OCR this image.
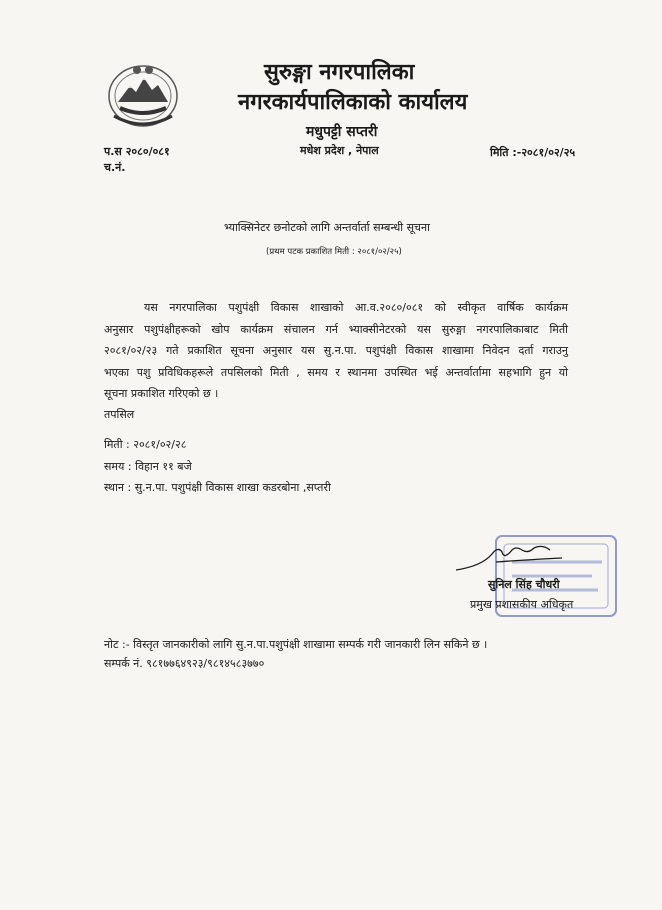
सुरुङ्गा नगरपालिका
नगरकार्यपालिकाको कार्यालय
मधुपट्टी सप्तरी
मधेश प्रदेश , नेपाल
प.स २०८०/०८१
च.नं.
मिति :-२०८१/०२/२५
भ्याक्सिनेटर छनोटको लागि अन्तर्वार्ता सम्बन्धी सूचना
(प्रथम पटक प्रकाशित मिती : २०८१/०२/२५)
यस नगरपालिका पशुपंक्षी विकास शाखाको आ.व.२०८०/०८१ को स्वीकृत वार्षिक कार्यक्रम
अनुसार पशुपंक्षीहरूको खोप कार्यक्रम संचालन गर्न भ्याक्सीनेटरको यस सुरुङ्गा नगरपालिकाबाट मिती
२०८१/०२/२३ गते प्रकाशित सूचना अनुसार यस सु.न.पा. पशुपंक्षी विकास शाखामा निवेदन दर्ता गराउनु
भएका पशु प्रविधिकहरूले तपसिलको मिती , समय र स्थानमा उपस्थित भई अन्तर्वार्तामा सहभागि हुन यो
सूचना प्रकाशित गरिएको छ ।
तपसिल
मिती : २०८१/०२/२८
समय : विहान ११ बजे
स्थान : सु.न.पा. पशुपंक्षी विकास शाखा कडरबोना ,सप्तरी
सुनिल सिंह चौधरी
प्रमुख प्रशासकीय अधिकृत
नोट :- विस्तृत जानकारीको लागि सु.न.पा.पशुपंक्षी शाखामा सम्पर्क गरी जानकारी लिन सकिने छ ।
सम्पर्क नं. ९८१७७६४९२३/९८१४५८३७७०
